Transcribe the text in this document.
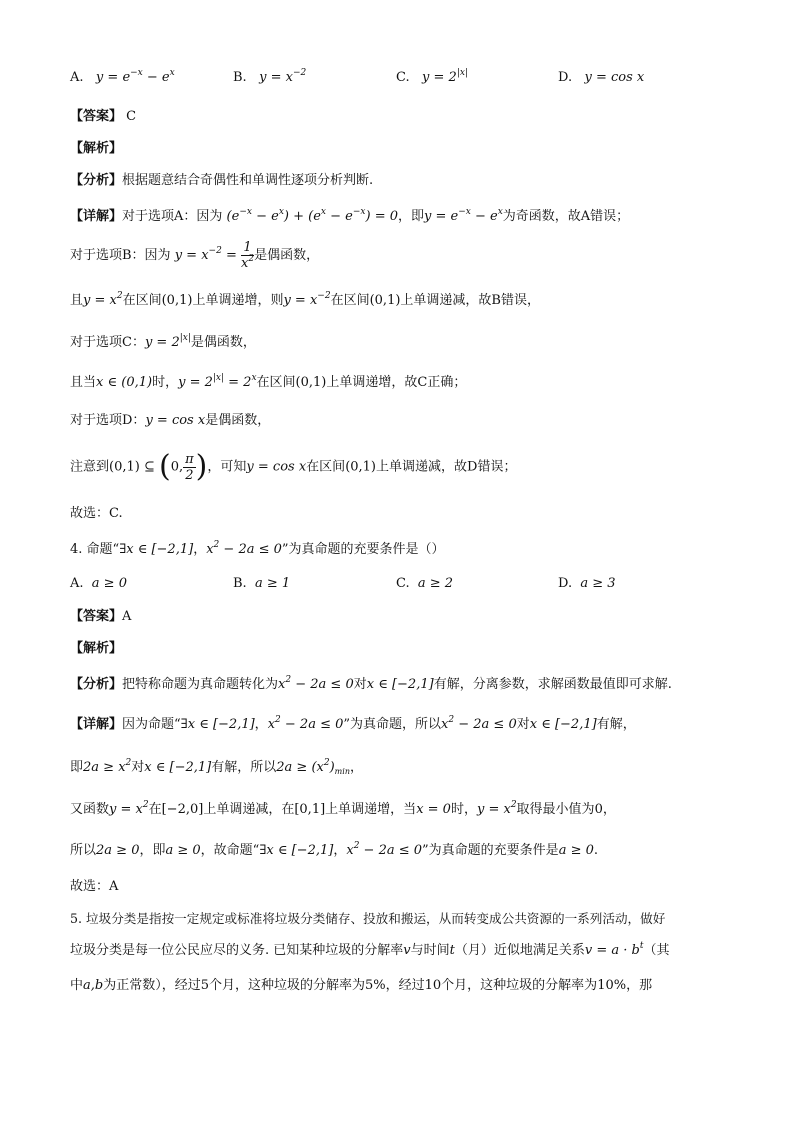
A.   $y = e^{-x} - e^x$	B.   $y = x^{-2}$	C.   $y = 2^{|x|}$	D.   y = cos x
【答案】 C
【解析】
【分析】根据题意结合奇偶性和单调性逐项分析判断.
【详解】对于选项A：因为 $(e^{-x} - e^x) + (e^x - e^{-x}) = 0$，即$y = e^{-x} - e^x$为奇函数，故A错误；
对于选项B：因为 $y = x^{-2} = \frac{1}{x^2}$ 是偶函数，
且$y = x^2$在区间(0,1)上单调递增，则$y = x^{-2}$在区间(0,1)上单调递减，故B错误，
对于选项C：$y = 2^{|x|}$是偶函数，
且当x ∈ (0,1)时，$y = 2^{|x|} = 2^x$在区间(0,1)上单调递增，故C正确；
对于选项D：y = cos x是偶函数，
注意到(0,1) ⊆ (0, $\frac{\pi}{2}$ )，可知y = cos x在区间(0,1)上单调递减，故D错误；
故选：C.
4. 命题“∃x ∈ [−2,1]，$x^2 - 2a \le 0$”为真命题的充要条件是（）
A.  a ≥ 0	B.  a ≥ 1	C.  a ≥ 2	D.  a ≥ 3
【答案】A
【解析】
【分析】把特称命题为真命题转化为$x^2 - 2a \le 0$对x ∈ [−2,1]有解，分离参数，求解函数最值即可求解.
【详解】因为命题“∃x ∈ [−2,1]，$x^2 - 2a \le 0$”为真命题，所以$x^2 - 2a \le 0$对x ∈ [−2,1]有解，
即$2a \ge x^2$对x ∈ [−2,1]有解，所以$2a \ge (x^2)_{min}$，
又函数$y = x^2$在[−2,0]上单调递减，在[0,1]上单调递增，当x = 0时，$y = x^2$取得最小值为0，
所以2a ≥ 0，即a ≥ 0，故命题“∃x ∈ [−2,1]，$x^2 - 2a \le 0$”为真命题的充要条件是a ≥ 0.
故选：A
5. 垃圾分类是指按一定规定或标准将垃圾分类储存、投放和搬运，从而转变成公共资源的一系列活动，做好
垃圾分类是每一位公民应尽的义务. 已知某种垃圾的分解率v与时间t（月）近似地满足关系$v = a \cdot b^t$（其
中a,b为正常数），经过5个月，这种垃圾的分解率为5%，经过10个月，这种垃圾的分解率为10%，那
